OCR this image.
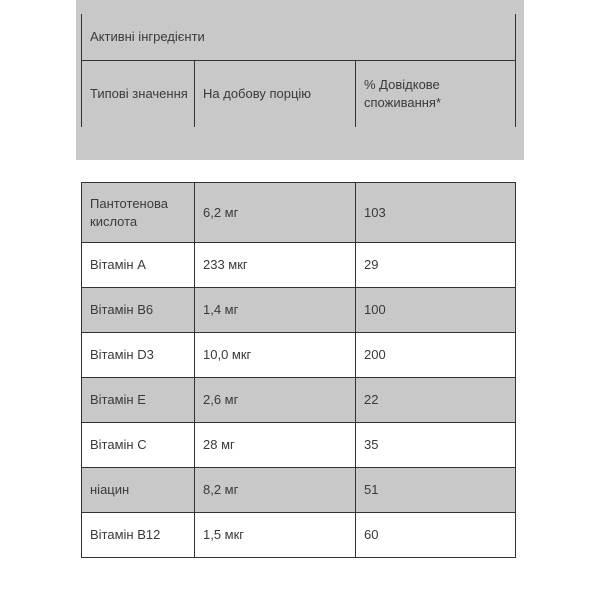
Активні інгредієнти
Типові значення	На добову порцію	% Довідкове споживання*
Пантотенова кислота	6,2 мг	103
Вітамін А	233 мкг	29
Вітамін В6	1,4 мг	100
Вітамін D3	10,0 мкг	200
Вітамін Е	2,6 мг	22
Вітамін С	28 мг	35
ніацин	8,2 мг	51
Вітамін В12	1,5 мкг	60
